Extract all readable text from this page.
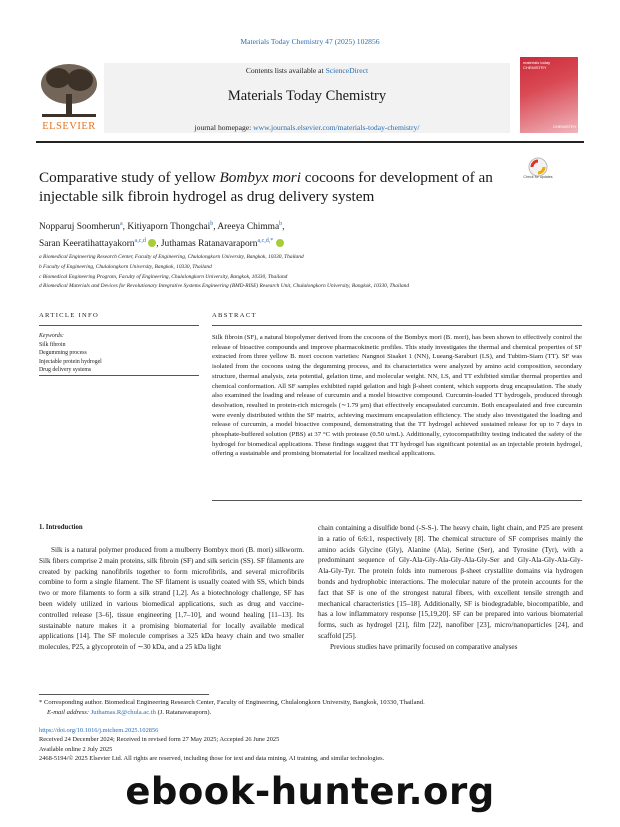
Materials Today Chemistry 47 (2025) 102856
ELSEVIER
Contents lists available at ScienceDirect
Materials Today Chemistry
journal homepage: www.journals.elsevier.com/materials-today-chemistry/
materials today CHEMISTRY
CHEMISTRY
Comparative study of yellow Bombyx mori cocoons for development of an injectable silk fibroin hydrogel as drug delivery system
Check for updates
Nopparuj Soomherun$^a$, Kitiyaporn Thongchai$^b$, Areeya Chimma$^b$,
Saran Keeratihattayakorn$^{a,c,d}$ , Juthamas Ratanavaraporn$^{a,c,d,*}$
a Biomedical Engineering Research Center, Faculty of Engineering, Chulalongkorn University, Bangkok, 10330, Thailand
b Faculty of Engineering, Chulalongkorn University, Bangkok, 10330, Thailand
c Biomedical Engineering Program, Faculty of Engineering, Chulalongkorn University, Bangkok, 10330, Thailand
d Biomedical Materials and Devices for Revolutionary Integrative Systems Engineering (BMD-RISE) Research Unit, Chulalongkorn University, Bangkok, 10330, Thailand
ARTICLE INFO	ABSTRACT
Keywords:
Silk fibroin
Degumming process
Injectable protein hydrogel
Drug delivery systems
Silk fibroin (SF), a natural biopolymer derived from the cocoons of the Bombyx mori (B. mori), has been shown to effectively control the release of bioactive compounds and improve pharmacokinetic profiles. This study investigates the thermal and chemical properties of SF extracted from three yellow B. mori cocoon varieties: Nangnoi Sisaket 1 (NN), Lueang-Saraburi (LS), and Tubtim-Siam (TT). SF was isolated from the cocoons using the degumming process, and its characteristics were analyzed by amino acid composition, secondary structure, thermal analysis, zeta potential, gelation time, and molecular weight. NN, LS, and TT exhibited similar thermal properties and chemical conformation. All SF samples exhibited rapid gelation and high β-sheet content, which supports drug encapsulation. The study also examined the loading and release of curcumin and a model bioactive compound. Curcumin-loaded TT hydrogels, produced through desolvation, resulted in protein-rich microgels (∼1.79 μm) that effectively encapsulated curcumin. Both encapsulated and free curcumin were evenly distributed within the SF matrix, achieving maximum encapsulation efficiency. The study also investigated the loading and release of curcumin, a model bioactive compound, demonstrating that the TT hydrogel achieved sustained release for up to 7 days in phosphate-buffered solution (PBS) at 37 °C with protease (0.50 u/mL). Additionally, cytocompatibility testing indicated the safety of the hydrogel for biomedical applications. These findings suggest that TT hydrogel has significant potential as an injectable protein hydrogel, offering a sustainable and promising biomaterial for localized medical applications.
1. Introduction
Silk is a natural polymer produced from a mulberry Bombyx mori (B. mori) silkworm. Silk fibers comprise 2 main proteins, silk fibroin (SF) and silk sericin (SS). SF filaments are created by packing nanofibrils together to form microfibrils, and several microfibrils combine to form a single filament. The SF filament is usually coated with SS, which binds two or more filaments to form a silk strand [1,2]. As a biotechnology challenge, SF has been widely utilized in various biomedical applications, such as drug and vaccine-controlled release [3–6], tissue engineering [1,7–10], and wound healing [11–13]. Its sustainable nature makes it a promising biomaterial for locally available medical applications [14]. The SF molecule comprises a 325 kDa heavy chain and two smaller molecules, P25, a glycoprotein of ∼30 kDa, and a 25 kDa light
chain containing a disulfide bond (-S-S-). The heavy chain, light chain, and P25 are present in a ratio of 6:6:1, respectively [8]. The chemical structure of SF comprises mainly the amino acids Glycine (Gly), Alanine (Ala), Serine (Ser), and Tyrosine (Tyr), with a predominant sequence of Gly-Ala-Gly-Ala-Gly-Ala-Gly-Ser and Gly-Ala-Gly-Ala-Gly-Ala-Gly-Tyr. The protein folds into numerous β-sheet crystallite domains via hydrogen bonds and hydrophobic interactions. The molecular nature of the protein accounts for the fact that SF is one of the strongest natural fibers, with excellent tensile strength and mechanical characteristics [15–18]. Additionally, SF is biodegradable, biocompatible, and has a low inflammatory response [15,19,20]. SF can be prepared into various biomaterial forms, such as hydrogel [21], film [22], nanofiber [23], micro/nanoparticles [24], and scaffold [25].
Previous studies have primarily focused on comparative analyses
* Corresponding author. Biomedical Engineering Research Center, Faculty of Engineering, Chulalongkorn University, Bangkok, 10330, Thailand.
E-mail address: Juthamas.R@chula.ac.th (J. Ratanavaraporn).
https://doi.org/10.1016/j.mtchem.2025.102856
Received 24 December 2024; Received in revised form 27 May 2025; Accepted 26 June 2025
Available online 2 July 2025
2468-5194/© 2025 Elsevier Ltd. All rights are reserved, including those for text and data mining, AI training, and similar technologies.
ebook-hunter.org
